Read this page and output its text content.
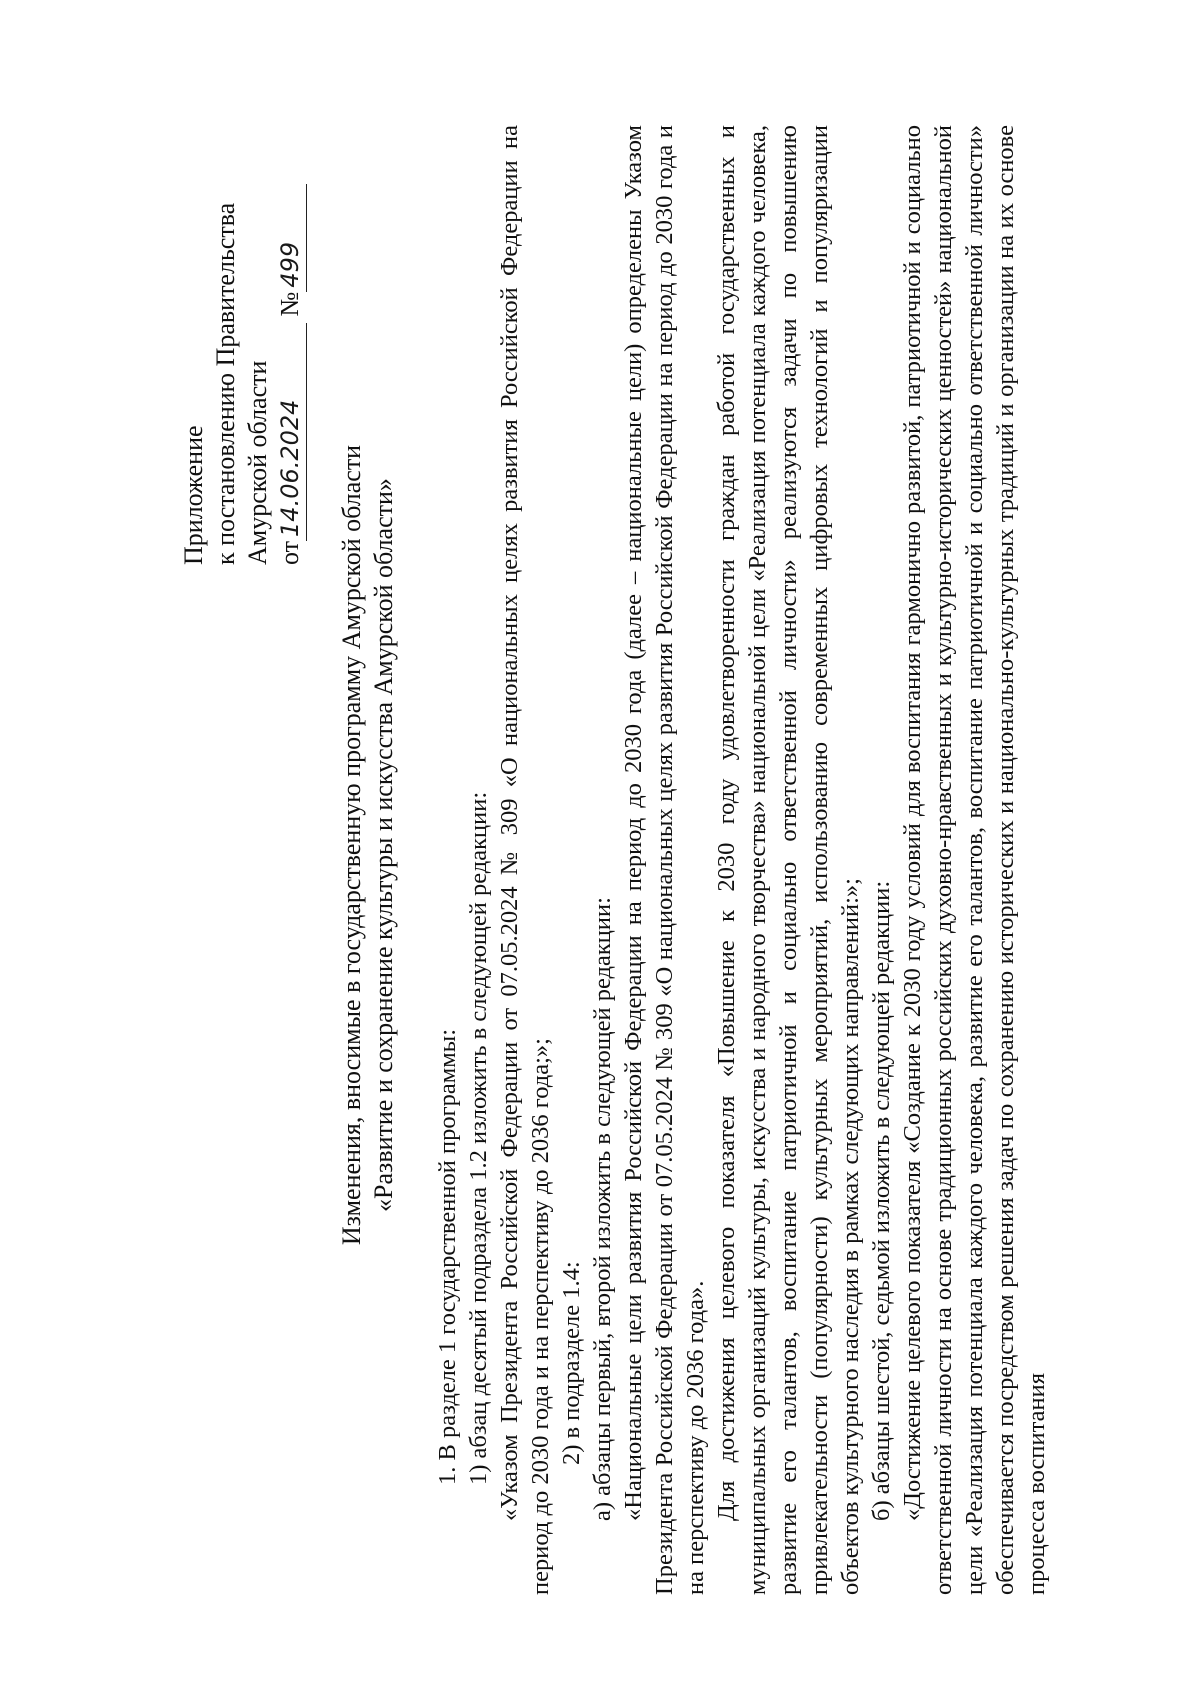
Приложение к постановлению Правительства Амурской области от14.06.2024 №499
Изменения, вносимые в государственную программу Амурской области «Развитие и сохранение культуры и искусства Амурской области»

1. В разделе 1 государственной программы: 1) абзац десятый подраздела 1.2 изложить в следующей редакции: «Указом Президента Российской Федерации от 07.05.2024 № 309 «О национальных целях развития Российской Федерации на период до 2030 года и на перспективу до 2036 года;»; 2) в подразделе 1.4: а) абзацы первый, второй изложить в следующей редакции: «Национальные цели развития Российской Федерации на период до 2030 года (далее – национальные цели) определены Указом Президента Российской Федерации от 07.05.2024 № 309 «О национальных целях развития Российской Федерации на период до 2030 года и на перспективу до 2036 года». Для достижения целевого показателя «Повышение к 2030 году удовлетворенности граждан работой государственных и муниципальных организаций культуры, искусства и народного творчества» национальной цели «Реализация потенциала каждого человека, развитие его талантов, воспитание патриотичной и социально ответственной личности» реализуются задачи по повышению привлекательности (популярности) культурных мероприятий, использованию современных цифровых технологий и популяризации объектов культурного наследия в рамках следующих направлений:»; б) абзацы шестой, седьмой изложить в следующей редакции: «Достижение целевого показателя «Создание к 2030 году условий для воспитания гармонично развитой, патриотичной и социально ответственной личности на основе традиционных российских духовно-нравственных и культурно-исторических ценностей» национальной цели «Реализация потенциала каждого человека, развитие его талантов, воспитание патриотичной и социально ответственной личности» обеспечивается посредством решения задач по сохранению исторических и национально-культурных традиций и организации на их основе процесса воспитания
